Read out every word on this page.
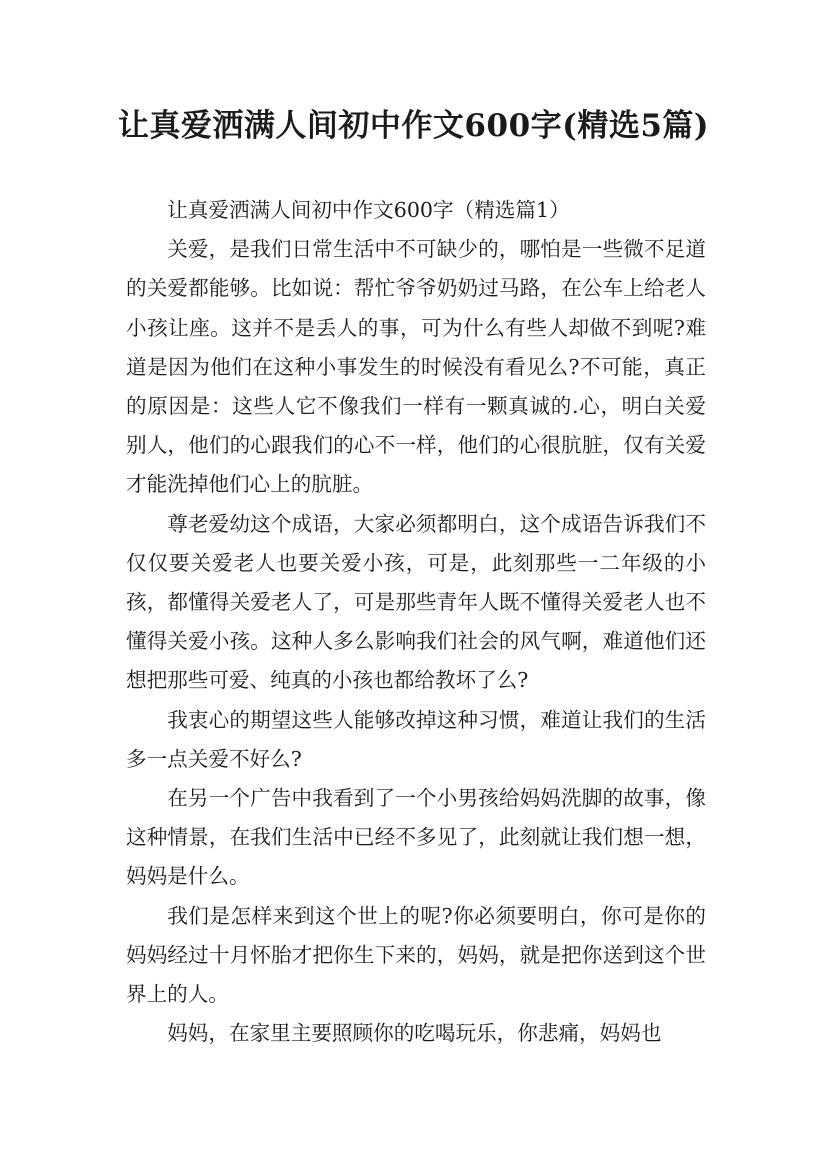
让真爱洒满人间初中作文600字(精选5篇)

让真爱洒满人间初中作文600字（精选篇1）

关爱，是我们日常生活中不可缺少的，哪怕是一些微不足道的关爱都能够。比如说：帮忙爷爷奶奶过马路，在公车上给老人小孩让座。这并不是丢人的事，可为什么有些人却做不到呢?难道是因为他们在这种小事发生的时候没有看见么?不可能，真正的原因是：这些人它不像我们一样有一颗真诚的.心，明白关爱别人，他们的心跟我们的心不一样，他们的心很肮脏，仅有关爱才能洗掉他们心上的肮脏。

尊老爱幼这个成语，大家必须都明白，这个成语告诉我们不仅仅要关爱老人也要关爱小孩，可是，此刻那些一二年级的小孩，都懂得关爱老人了，可是那些青年人既不懂得关爱老人也不懂得关爱小孩。这种人多么影响我们社会的风气啊，难道他们还想把那些可爱、纯真的小孩也都给教坏了么?

我衷心的期望这些人能够改掉这种习惯，难道让我们的生活多一点关爱不好么?

在另一个广告中我看到了一个小男孩给妈妈洗脚的故事，像这种情景，在我们生活中已经不多见了，此刻就让我们想一想，妈妈是什么。

我们是怎样来到这个世上的呢?你必须要明白，你可是你的妈妈经过十月怀胎才把你生下来的，妈妈，就是把你送到这个世界上的人。

妈妈，在家里主要照顾你的吃喝玩乐，你悲痛，妈妈也
